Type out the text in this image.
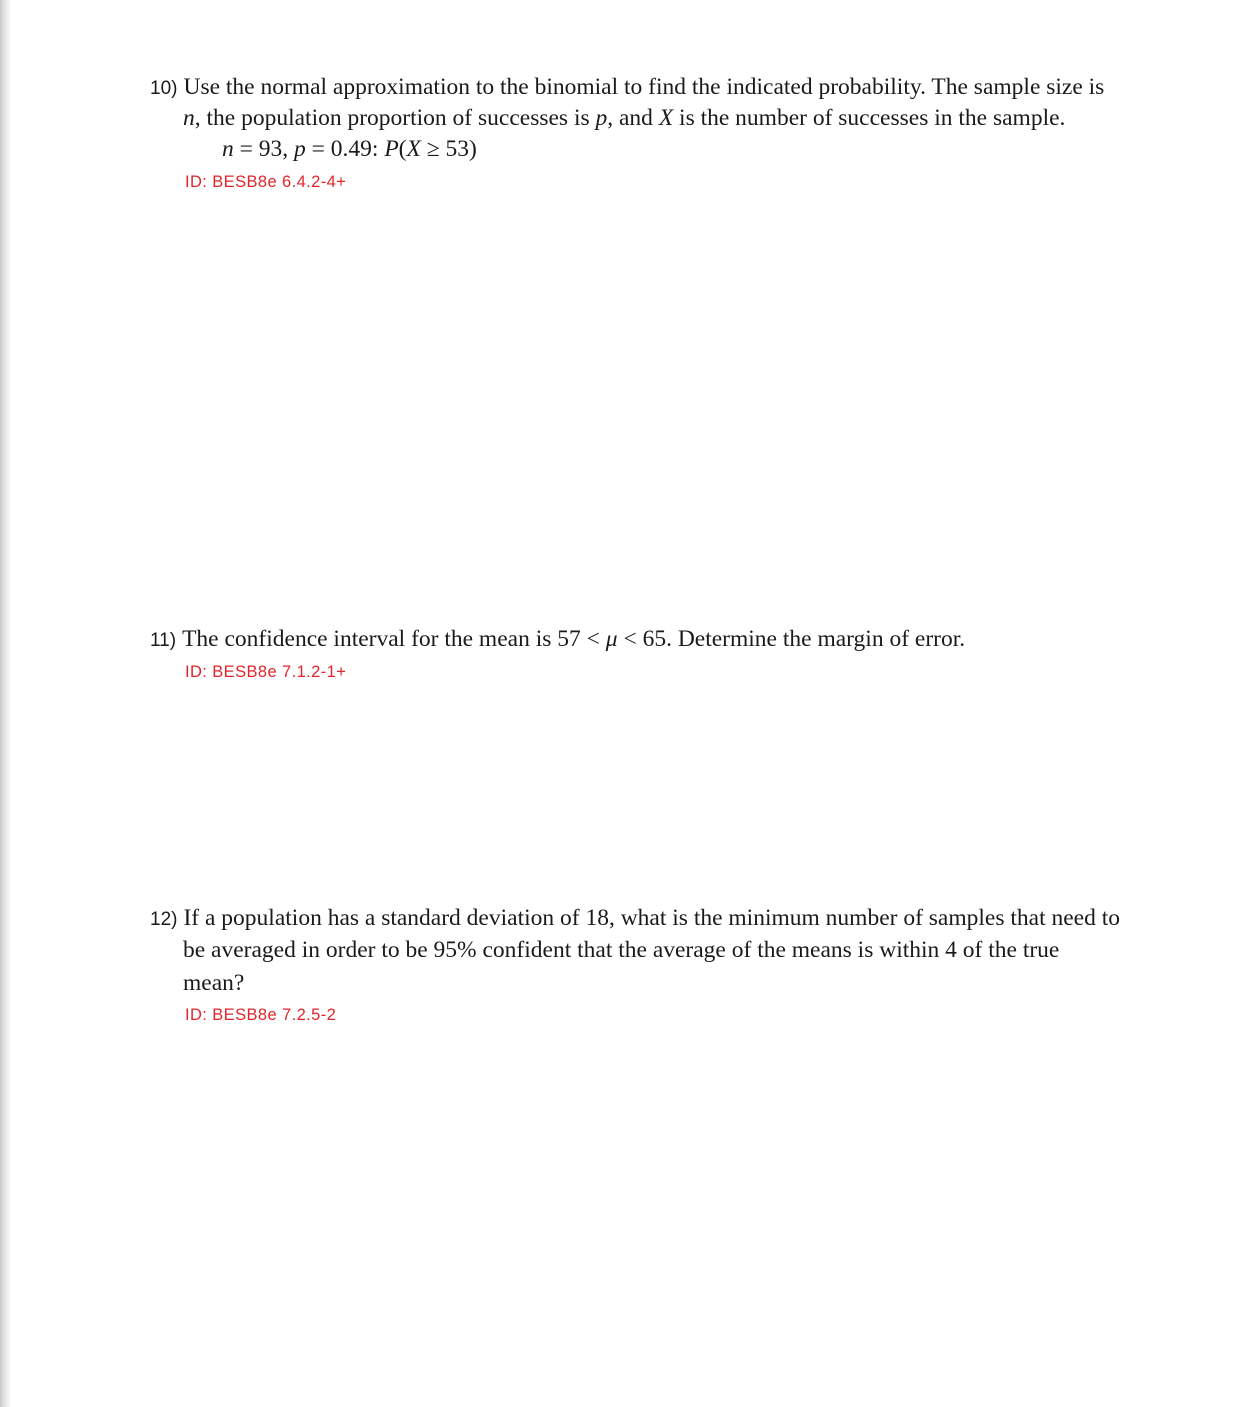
10) Use the normal approximation to the binomial to find the indicated probability. The sample size is
n, the population proportion of successes is p, and X is the number of successes in the sample.
n = 93, p = 0.49: P(X ≥ 53)
ID: BESB8e 6.4.2-4+
11) The confidence interval for the mean is 57 < μ < 65. Determine the margin of error.
ID: BESB8e 7.1.2-1+
12) If a population has a standard deviation of 18, what is the minimum number of samples that need to
be averaged in order to be 95% confident that the average of the means is within 4 of the true
mean?
ID: BESB8e 7.2.5-2
